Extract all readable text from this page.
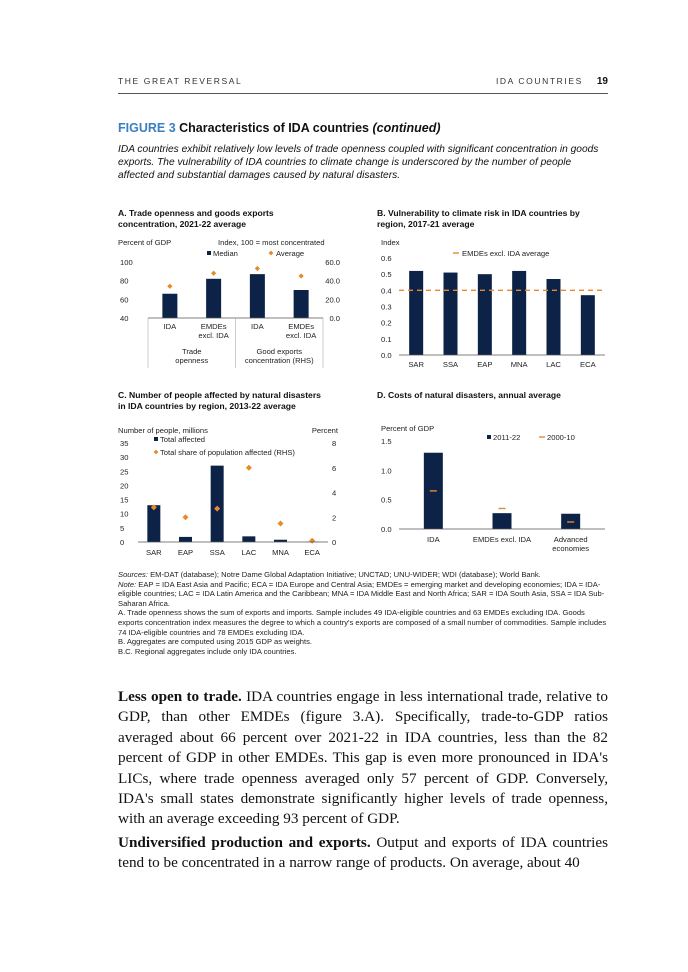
THE GREAT REVERSAL	IDA COUNTRIES 19
FIGURE 3 Characteristics of IDA countries (continued)
IDA countries exhibit relatively low levels of trade openness coupled with significant concentration in goods exports. The vulnerability of IDA countries to climate change is underscored by the number of people affected and substantial damages caused by natural disasters.
A. Trade openness and goods exports
concentration, 2021-22 average
B. Vulnerability to climate risk in IDA countries by
region, 2017-21 average
C. Number of people affected by natural disasters
in IDA countries by region, 2013-22 average
D. Costs of natural disasters, annual average
Percent of GDP	Index, 100 = most concentrated
40
60
80
100
0.0
20.0
40.0
60.0
Median	Average
IDA	EMDEs
excl. IDA
IDA	EMDEs
excl. IDA
Trade
openness
Good exports
concentration (RHS)
Index
0.0
0.1
0.2
0.3
0.4
0.5
0.6
EMDEs excl. IDA average
SAR SSA	EAP MNA LAC	ECA
Number of people, millions	Percent
0
5
10
15
20
25
30
35
0
2
4
6
8
Total affected
Total share of population affected (RHS)
SAR EAP SSA LAC MNA ECA
Percent of GDP
0.0
0.5
1.0
1.5	2011-22	2000-10
IDA	EMDEs excl. IDA	Advanced
economies

Sources: EM-DAT (database); Notre Dame Global Adaptation Initiative; UNCTAD; UNU-WIDER; WDI (database); World Bank.

Note: EAP = IDA East Asia and Pacific; ECA = IDA Europe and Central Asia; EMDEs = emerging market and developing economies; IDA = IDA-eligible countries; LAC = IDA Latin America and the Caribbean; MNA = IDA Middle East and North Africa; SAR = IDA South Asia, SSA = IDA Sub-Saharan Africa.

A. Trade openness shows the sum of exports and imports. Sample includes 49 IDA-eligible countries and 63 EMDEs excluding IDA. Goods exports concentration index measures the degree to which a country's exports are composed of a small number of commodities. Sample includes 74 IDA-eligible countries and 78 EMDEs excluding IDA.

B. Aggregates are computed using 2015 GDP as weights.

B.C. Regional aggregates include only IDA countries.

Less open to trade. IDA countries engage in less international trade, relative to GDP, than other EMDEs (figure 3.A). Specifically, trade-to-GDP ratios averaged about 66 percent over 2021-22 in IDA countries, less than the 82 percent of GDP in other EMDEs. This gap is even more pronounced in IDA's LICs, where trade openness averaged only 57 percent of GDP. Conversely, IDA's small states demonstrate significantly higher levels of trade openness, with an average exceeding 93 percent of GDP.
Undiversified production and exports. Output and exports of IDA countries tend to be concentrated in a narrow range of products. On average, about 40
